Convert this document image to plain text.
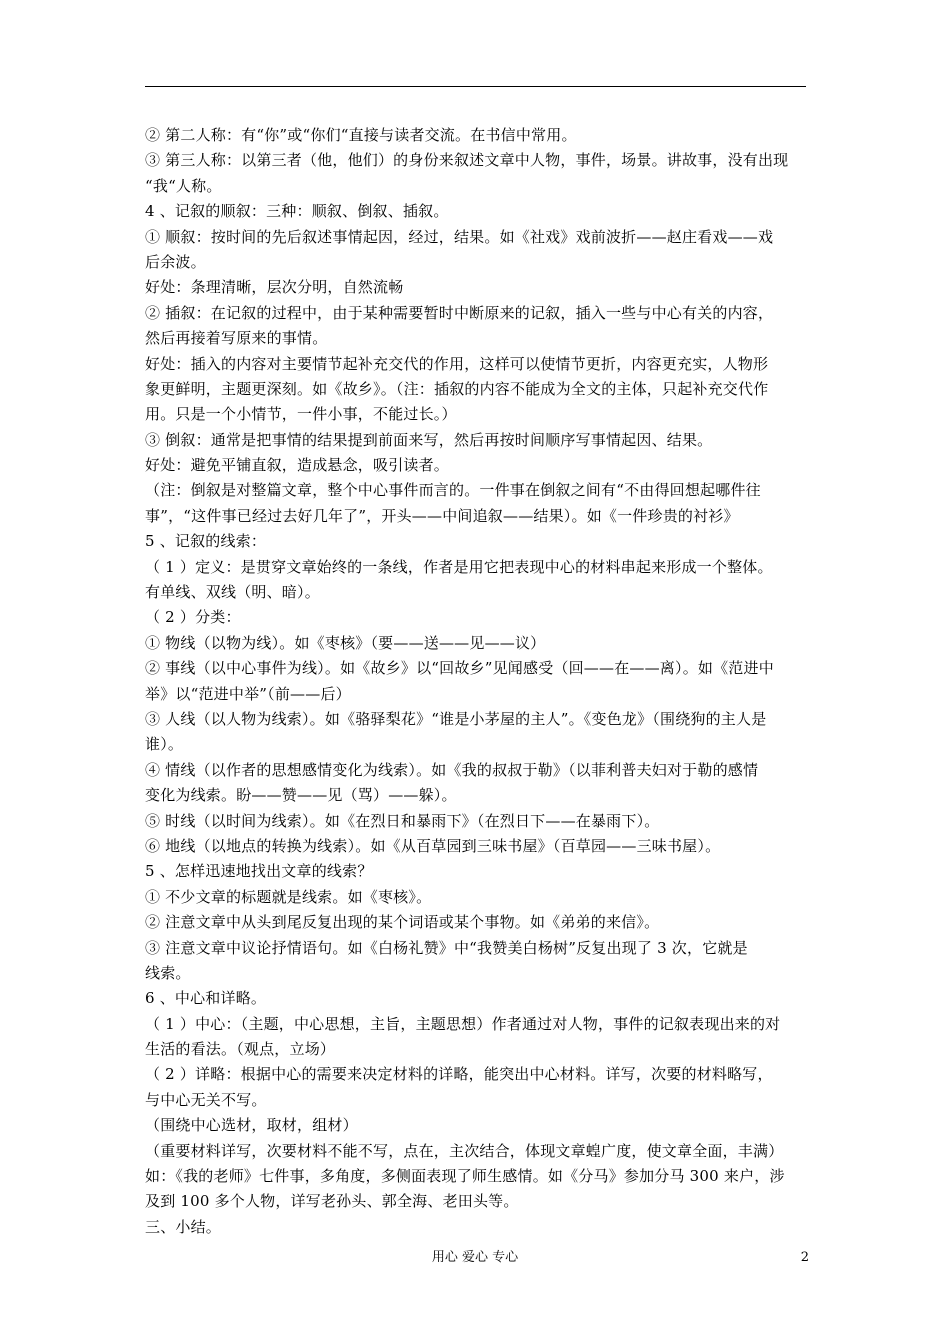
② 第二人称：有“你”或“你们“直接与读者交流。在书信中常用。
③ 第三人称：以第三者（他，他们）的身份来叙述文章中人物，事件，场景。讲故事，没有出现
“我“人称。
4 、记叙的顺叙：三种：顺叙、倒叙、插叙。
① 顺叙：按时间的先后叙述事情起因，经过，结果。如《社戏》戏前波折——赵庄看戏——戏
后余波。
好处：条理清晰，层次分明，自然流畅
② 插叙：在记叙的过程中，由于某种需要暂时中断原来的记叙，插入一些与中心有关的内容，
然后再接着写原来的事情。
好处：插入的内容对主要情节起补充交代的作用，这样可以使情节更折，内容更充实，人物形
象更鲜明，主题更深刻。如《故乡》。（注：插叙的内容不能成为全文的主体，只起补充交代作
用。只是一个小情节，一件小事，不能过长。）
③ 倒叙：通常是把事情的结果提到前面来写，然后再按时间顺序写事情起因、结果。
好处：避免平铺直叙，造成悬念，吸引读者。
（注：倒叙是对整篇文章，整个中心事件而言的。一件事在倒叙之间有“不由得回想起哪件往
事”，“这件事已经过去好几年了”，开头——中间追叙——结果）。如《一件珍贵的衬衫》
5 、记叙的线索：
（ 1 ）定义：是贯穿文章始终的一条线，作者是用它把表现中心的材料串起来形成一个整体。
有单线、双线（明、暗）。
（ 2 ）分类：
① 物线（以物为线）。如《枣核》（要——送——见——议）
② 事线（以中心事件为线）。如《故乡》以“回故乡”见闻感受（回——在——离）。如《范进中
举》以“范进中举”（前——后）
③ 人线（以人物为线索）。如《骆驿梨花》“谁是小茅屋的主人”。《变色龙》（围绕狗的主人是
谁）。
④ 情线（以作者的思想感情变化为线索）。如《我的叔叔于勒》（以菲利普夫妇对于勒的感情
变化为线索。盼——赞——见（骂）——躲）。
⑤ 时线（以时间为线索）。如《在烈日和暴雨下》（在烈日下——在暴雨下）。
⑥ 地线（以地点的转换为线索）。如《从百草园到三味书屋》（百草园——三味书屋）。
5 、怎样迅速地找出文章的线索？
① 不少文章的标题就是线索。如《枣核》。
② 注意文章中从头到尾反复出现的某个词语或某个事物。如《弟弟的来信》。
③ 注意文章中议论抒情语句。如《白杨礼赞》中“我赞美白杨树”反复出现了 3 次，它就是
线索。
6 、中心和详略。
（ 1 ）中心：（主题，中心思想，主旨，主题思想）作者通过对人物，事件的记叙表现出来的对
生活的看法。（观点，立场）
（ 2 ）详略：根据中心的需要来决定材料的详略，能突出中心材料。详写，次要的材料略写，
与中心无关不写。
（围绕中心选材，取材，组材）
（重要材料详写，次要材料不能不写，点在，主次结合，体现文章蝗广度，使文章全面，丰满）
如：《我的老师》七件事，多角度，多侧面表现了师生感情。如《分马》参加分马 300 来户，涉
及到 100 多个人物，详写老孙头、郭全海、老田头等。
三、小结。
用心 爱心 专心	2
